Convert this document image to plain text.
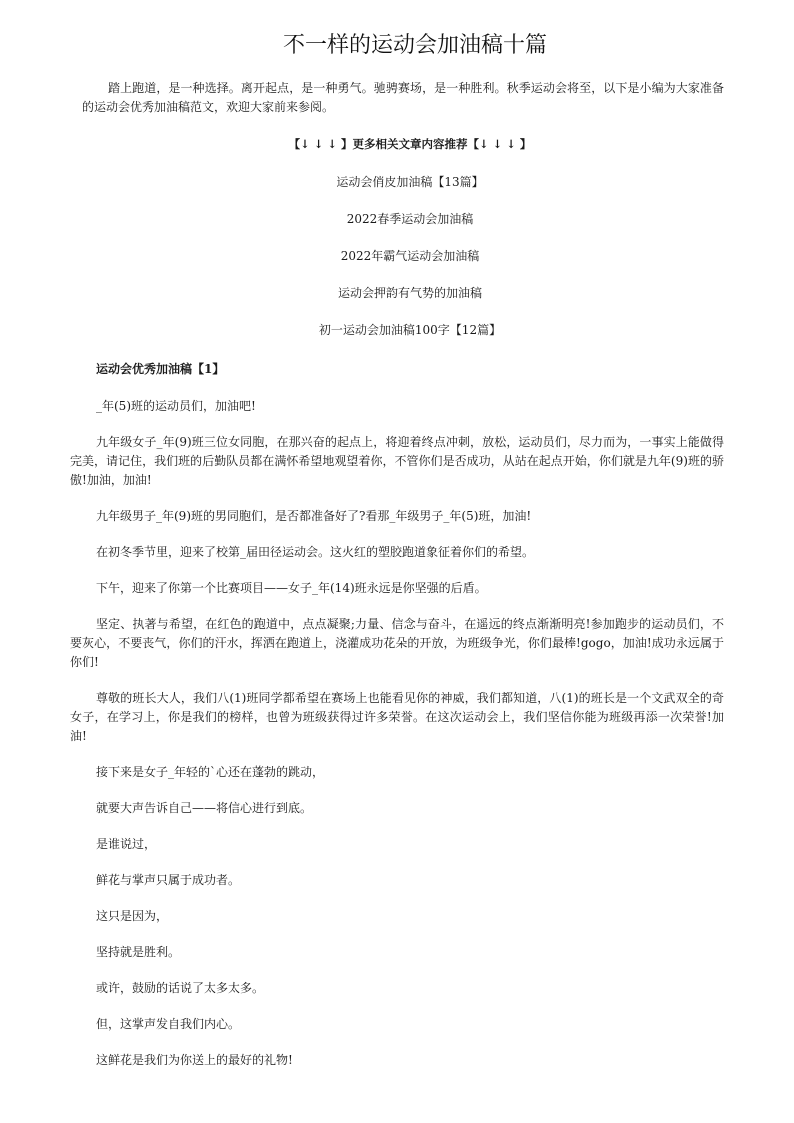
不一样的运动会加油稿十篇

踏上跑道，是一种选择。离开起点，是一种勇气。驰骋赛场，是一种胜利。秋季运动会将至，以下是小编为大家准备的运动会优秀加油稿范文，欢迎大家前来参阅。

【↓ ↓ ↓ 】更多相关文章内容推荐【↓ ↓ ↓ 】
运动会俏皮加油稿【13篇】
2022春季运动会加油稿
2022年霸气运动会加油稿
运动会押韵有气势的加油稿
初一运动会加油稿100字【12篇】
运动会优秀加油稿【1】

_年(5)班的运动员们，加油吧!

九年级女子_年(9)班三位女同胞，在那兴奋的起点上，将迎着终点冲刺，放松，运动员们，尽力而为，一事实上能做得完美，请记住，我们班的后勤队员都在满怀希望地观望着你，不管你们是否成功，从站在起点开始，你们就是九年(9)班的骄傲!加油，加油!

九年级男子_年(9)班的男同胞们，是否都准备好了?看那_年级男子_年(5)班，加油!

在初冬季节里，迎来了校第_届田径运动会。这火红的塑胶跑道象征着你们的希望。

下午，迎来了你第一个比赛项目——女子_年(14)班永远是你坚强的后盾。

坚定、执著与希望，在红色的跑道中，点点凝聚;力量、信念与奋斗，在遥远的终点渐渐明亮!参加跑步的运动员们，不要灰心，不要丧气，你们的汗水，挥洒在跑道上，浇灌成功花朵的开放，为班级争光，你们最棒!gogo，加油!成功永远属于你们!

尊敬的班长大人，我们八(1)班同学都希望在赛场上也能看见你的神威，我们都知道，八(1)的班长是一个文武双全的奇女子，在学习上，你是我们的榜样，也曾为班级获得过许多荣誉。在这次运动会上，我们坚信你能为班级再添一次荣誉!加油!

接下来是女子_年轻的`心还在蓬勃的跳动，

就要大声告诉自己——将信心进行到底。

是谁说过，

鲜花与掌声只属于成功者。

这只是因为，

坚持就是胜利。

或许，鼓励的话说了太多太多。

但，这掌声发自我们内心。

这鲜花是我们为你送上的最好的礼物!
